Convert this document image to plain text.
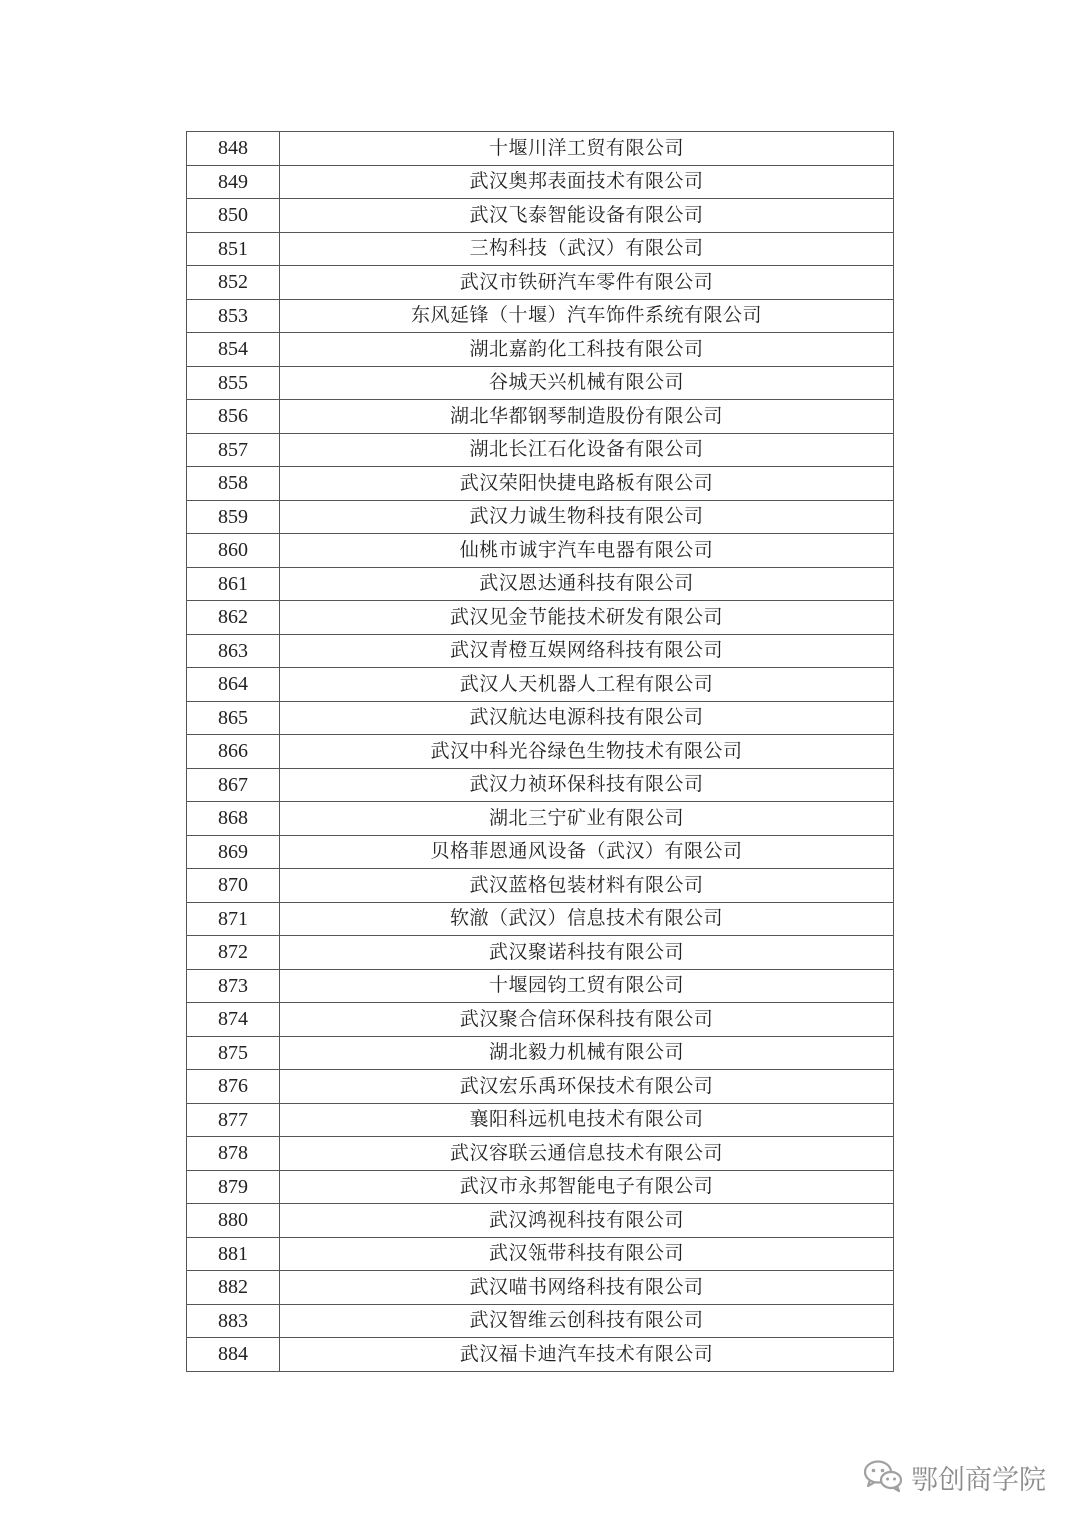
848	十堰川洋工贸有限公司
849	武汉奥邦表面技术有限公司
850	武汉飞泰智能设备有限公司
851	三构科技（武汉）有限公司
852	武汉市铁研汽车零件有限公司
853	东风延锋（十堰）汽车饰件系统有限公司
854	湖北嘉韵化工科技有限公司
855	谷城天兴机械有限公司
856	湖北华都钢琴制造股份有限公司
857	湖北长江石化设备有限公司
858	武汉荣阳快捷电路板有限公司
859	武汉力诚生物科技有限公司
860	仙桃市诚宇汽车电器有限公司
861	武汉恩达通科技有限公司
862	武汉见金节能技术研发有限公司
863	武汉青橙互娱网络科技有限公司
864	武汉人天机器人工程有限公司
865	武汉航达电源科技有限公司
866	武汉中科光谷绿色生物技术有限公司
867	武汉力祯环保科技有限公司
868	湖北三宁矿业有限公司
869	贝格菲恩通风设备（武汉）有限公司
870	武汉蓝格包装材料有限公司
871	软澈（武汉）信息技术有限公司
872	武汉聚诺科技有限公司
873	十堰园钧工贸有限公司
874	武汉聚合信环保科技有限公司
875	湖北毅力机械有限公司
876	武汉宏乐禹环保技术有限公司
877	襄阳科远机电技术有限公司
878	武汉容联云通信息技术有限公司
879	武汉市永邦智能电子有限公司
880	武汉鸿视科技有限公司
881	武汉瓴带科技有限公司
882	武汉喵书网络科技有限公司
883	武汉智维云创科技有限公司
884	武汉福卡迪汽车技术有限公司
鄂创商学院
